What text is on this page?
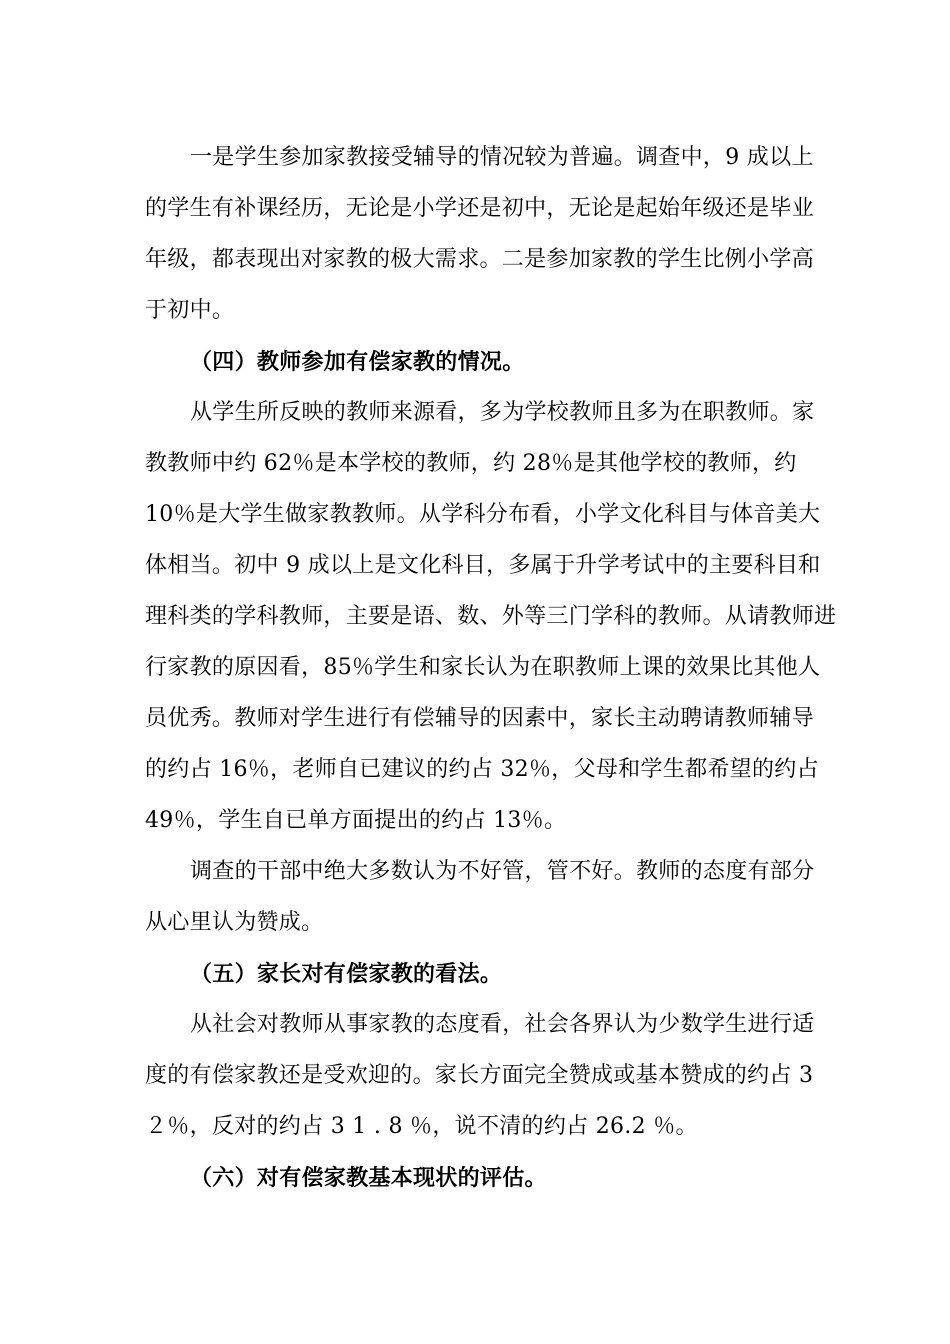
一是学生参加家教接受辅导的情况较为普遍。调查中，9 成以上
的学生有补课经历，无论是小学还是初中，无论是起始年级还是毕业
年级，都表现出对家教的极大需求。二是参加家教的学生比例小学高
于初中。
（四）教师参加有偿家教的情况。
从学生所反映的教师来源看，多为学校教师且多为在职教师。家
教教师中约 62％是本学校的教师，约 28％是其他学校的教师，约
10％是大学生做家教教师。从学科分布看，小学文化科目与体音美大
体相当。初中 9 成以上是文化科目，多属于升学考试中的主要科目和
理科类的学科教师，主要是语、数、外等三门学科的教师。从请教师进
行家教的原因看，85％学生和家长认为在职教师上课的效果比其他人
员优秀。教师对学生进行有偿辅导的因素中，家长主动聘请教师辅导
的约占 16％，老师自已建议的约占 32％，父母和学生都希望的约占
49％，学生自已单方面提出的约占 13％。
调查的干部中绝大多数认为不好管，管不好。教师的态度有部分
从心里认为赞成。
（五）家长对有偿家教的看法。
从社会对教师从事家教的态度看，社会各界认为少数学生进行适
度的有偿家教还是受欢迎的。家长方面完全赞成或基本赞成的约占 3
２％，反对的约占 3 1 . 8 ％，说不清的约占 26.2 ％。
（六）对有偿家教基本现状的评估。
